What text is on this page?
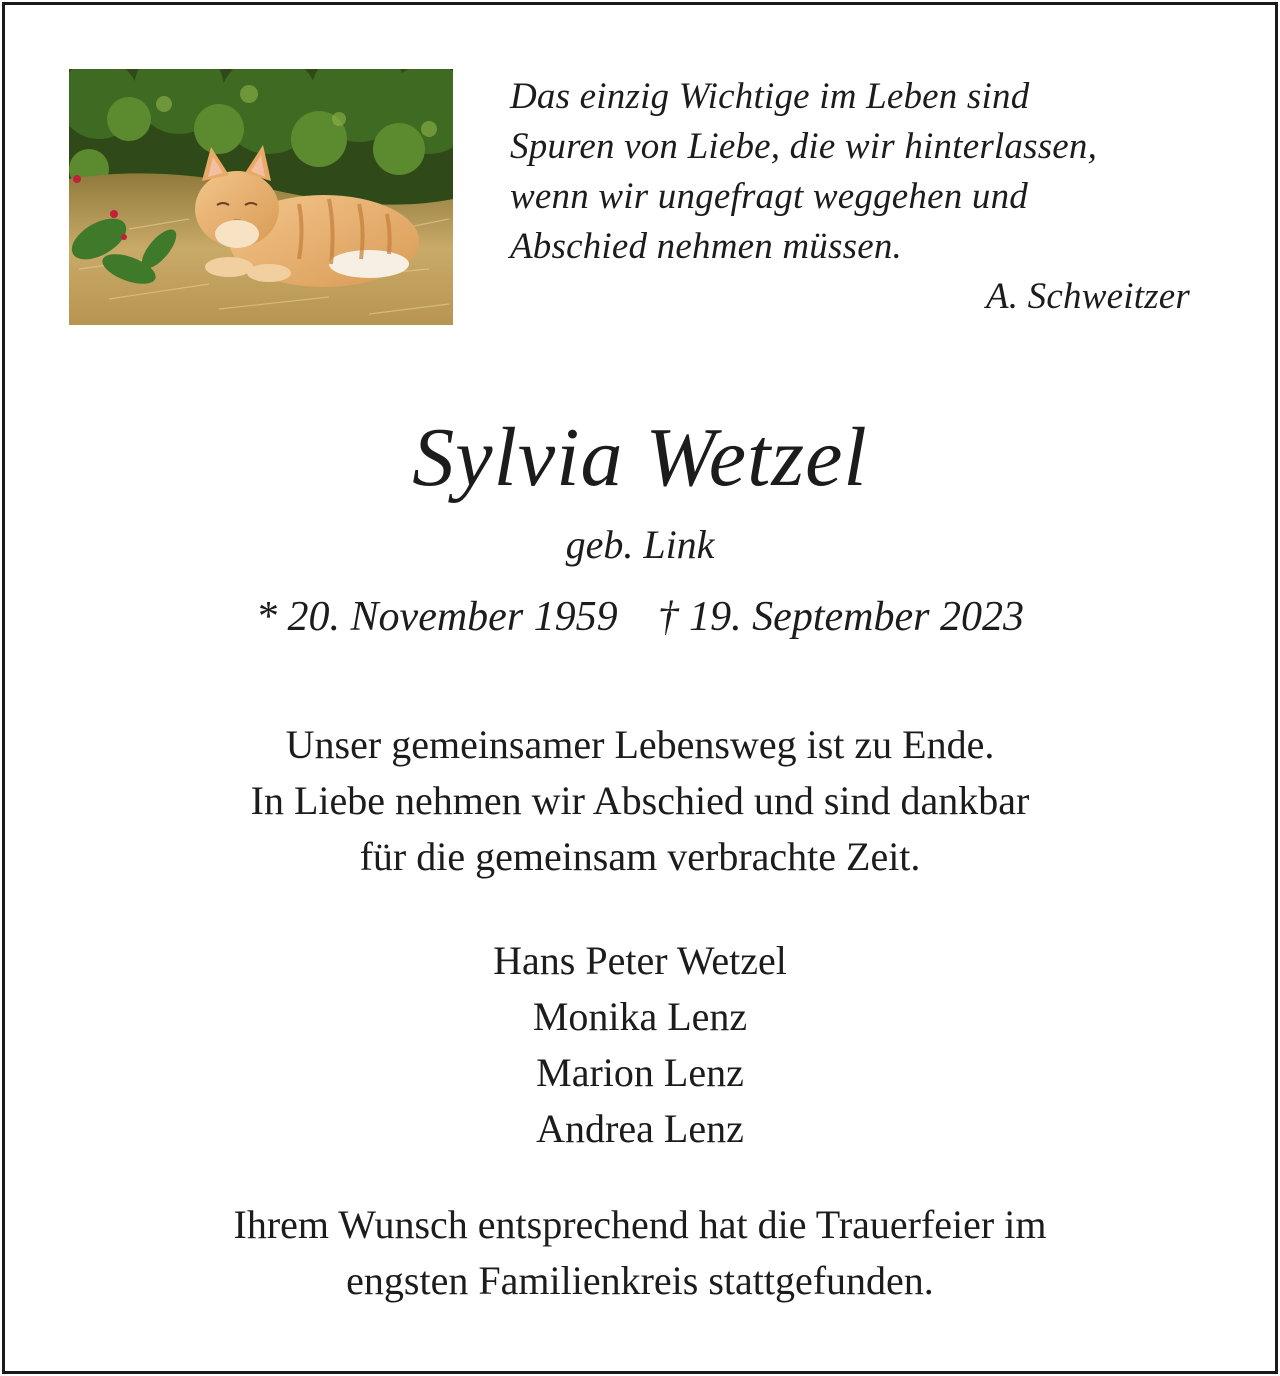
Das einzig Wichtige im Leben sind
Spuren von Liebe, die wir hinterlassen,
wenn wir ungefragt weggehen und
Abschied nehmen müssen.
A. Schweitzer
Sylvia Wetzel
geb. Link
* 20. November 1959 † 19. September 2023
Unser gemeinsamer Lebensweg ist zu Ende.
In Liebe nehmen wir Abschied und sind dankbar
für die gemeinsam verbrachte Zeit.
Hans Peter Wetzel
Monika Lenz
Marion Lenz
Andrea Lenz
Ihrem Wunsch entsprechend hat die Trauerfeier im
engsten Familienkreis stattgefunden.
